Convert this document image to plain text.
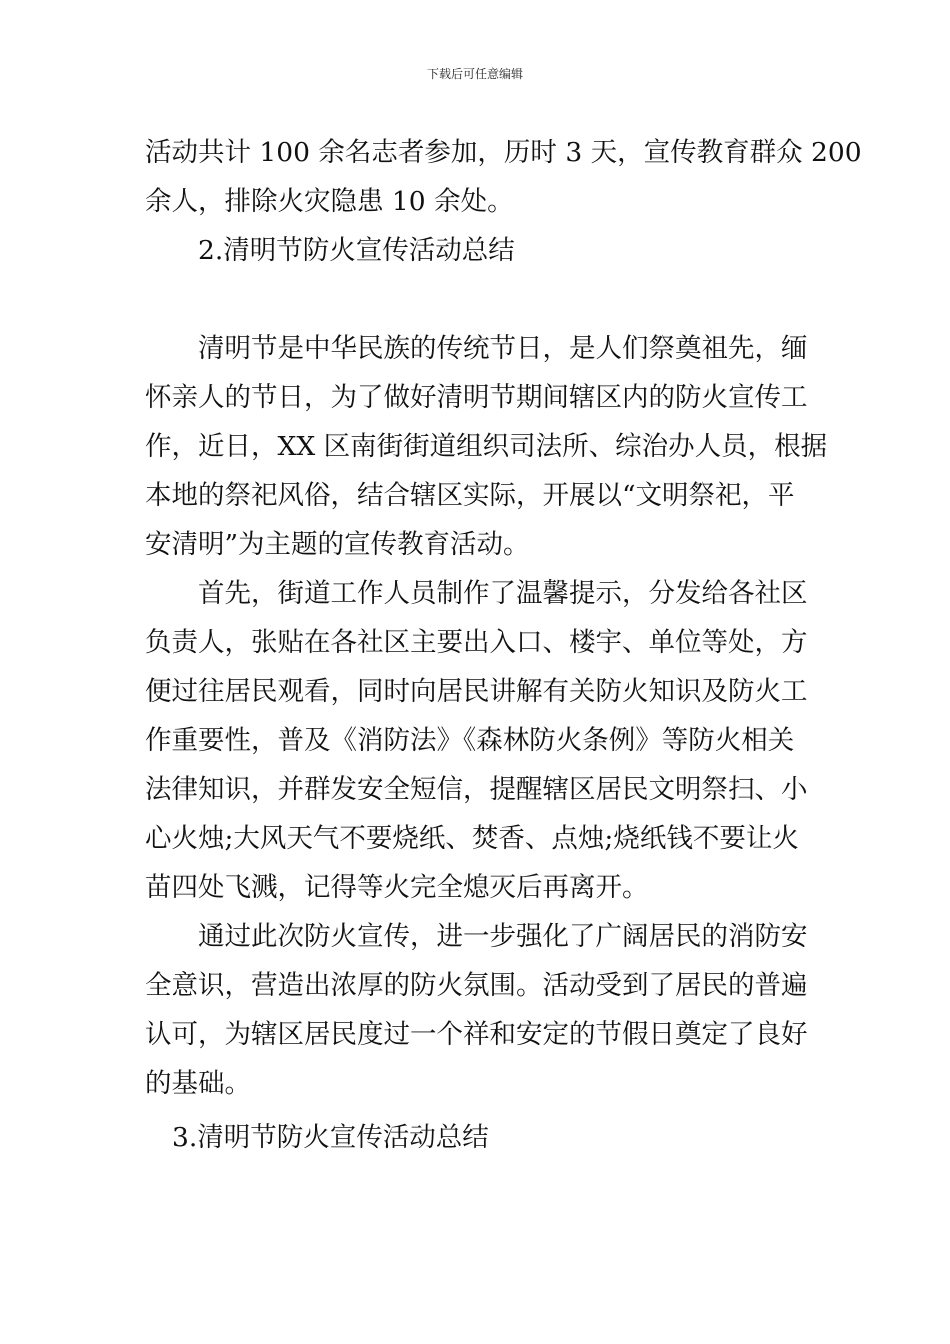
下载后可任意编辑

活动共计 100 余名志者参加，历时 3 天，宣传教育群众 200
余人，排除火灾隐患 10 余处。

2.清明节防火宣传活动总结

清明节是中华民族的传统节日，是人们祭奠祖先，缅
怀亲人的节日，为了做好清明节期间辖区内的防火宣传工
作，近日，XX 区南街街道组织司法所、综治办人员，根据
本地的祭祀风俗，结合辖区实际，开展以“文明祭祀，平
安清明”为主题的宣传教育活动。

首先，街道工作人员制作了温馨提示，分发给各社区
负责人，张贴在各社区主要出入口、楼宇、单位等处，方
便过往居民观看，同时向居民讲解有关防火知识及防火工
作重要性，普及《消防法》《森林防火条例》等防火相关
法律知识，并群发安全短信，提醒辖区居民文明祭扫、小
心火烛;大风天气不要烧纸、焚香、点烛;烧纸钱不要让火
苗四处飞溅，记得等火完全熄灭后再离开。

通过此次防火宣传，进一步强化了广阔居民的消防安
全意识，营造出浓厚的防火氛围。活动受到了居民的普遍
认可，为辖区居民度过一个祥和安定的节假日奠定了良好
的基础。

3.清明节防火宣传活动总结
